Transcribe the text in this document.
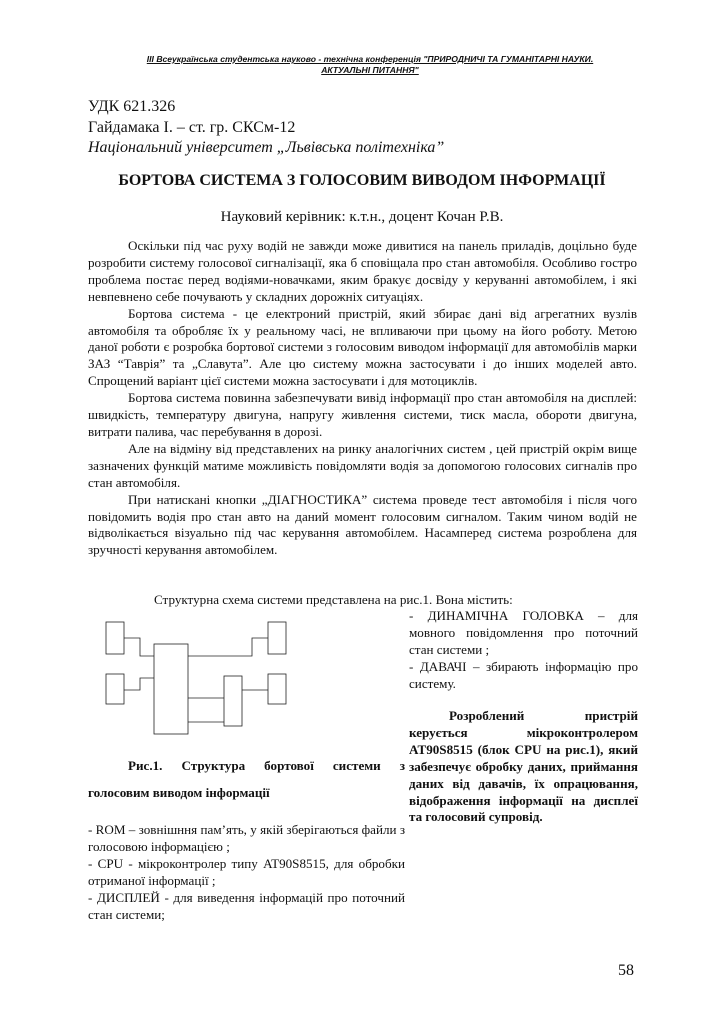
ІІІ Всеукраїнська студентська науково - технічна конференція "ПРИРОДНИЧІ ТА ГУМАНІТАРНІ НАУКИ.
АКТУАЛЬНІ ПИТАННЯ"
УДК 621.326
Гайдамака І. – ст. гр. СКСм-12
Національний університет „Львівська політехніка”
БОРТОВА СИСТЕМА З ГОЛОСОВИМ ВИВОДОМ ІНФОРМАЦІЇ
Науковий керівник: к.т.н., доцент Кочан Р.В.

Оскільки під час руху водій не завжди може дивитися на панель приладів, доцільно буде розробити систему голосової сигналізації, яка б сповіщала про стан автомобіля. Особливо гостро проблема постає перед водіями-новачками, яким бракує досвіду у керуванні автомобілем, і які невпевнено себе почувають у складних дорожніх ситуаціях.

Бортова система - це електроний пристрій, який збирає дані від агрегатних вузлів автомобіля та обробляє їх у реальному часі, не впливаючи при цьому на його роботу. Метою даної роботи є розробка бортової системи з голосовим виводом інформації для автомобілів марки ЗАЗ “Таврія” та „Славута”. Але цю систему можна застосувати і до інших моделей авто. Спрощений варіант цієї системи можна застосувати і для мотоциклів.

Бортова система повинна забезпечувати вивід інформації про стан автомобіля на дисплей: швидкість, температуру двигуна, напругу живлення системи, тиск масла, обороти двигуна, витрати палива, час перебування в дорозі.

Але на відміну від представлених на ринку аналогічних систем , цей пристрій окрім вище зазначених функцій матиме можливість повідомляти водія за допомогою голосових сигналів про стан автомобіля.

При натискані кнопки „ДІАГНОСТИКА” система проведе тест автомобіля і після чого повідомить водія про стан авто на даний момент голосовим сигналом. Таким чином водій не відволікається візуально під час керування автомобілем. Насамперед система розроблена для зручності керування автомобілем.

Структурна схема системи представлена на рис.1. Вона містить:

- ДИНАМІЧНА ГОЛОВКА – для мовного повідомлення про поточний стан системи ;

- ДАВАЧІ – збирають інформацію про систему.

Розроблений пристрій керується мікроконтролером AT90S8515 (блок CPU на рис.1), який забезпечує обробку даних, приймання даних від давачів, їх опрацювання, відображення інформації на дисплеї та голосовий супровід.

Рис.1. Структура бортової системи з

голосовим виводом інформації

- ROM – зовнішння пам’ять, у якій зберігаються файли з голосовою інформацією ;

- CPU - мікроконтролер типу AT90S8515, для обробки отриманої інформації ;

- ДИСПЛЕЙ - для виведення інформацій про поточний стан системи;

58
